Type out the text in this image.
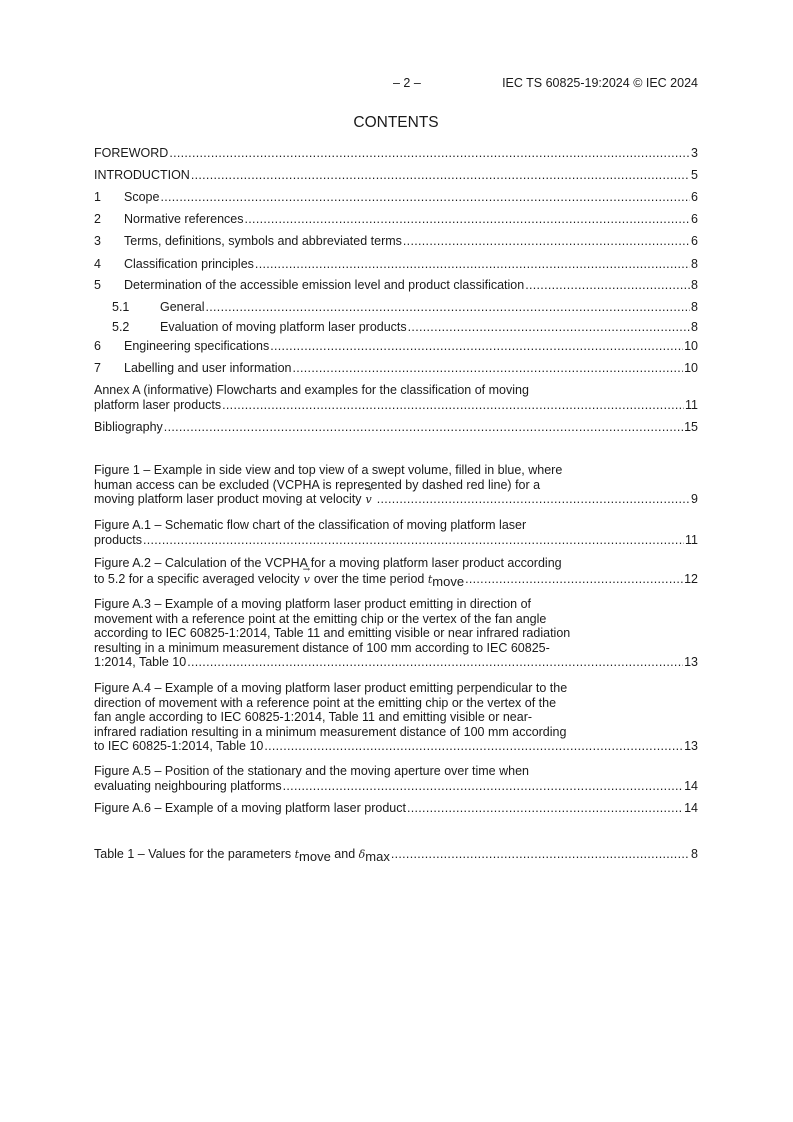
– 2 –	IEC TS 60825-19:2024 © IEC 2024
CONTENTS
FOREWORD .....	3
INTRODUCTION .....	5
1 Scope .....	6
2 Normative references .....	6
3 Terms, definitions, symbols and abbreviated terms .....	6
4 Classification principles .....	8
5 Determination of the accessible emission level and product classification .....	8
5.1 General .....	8
5.2 Evaluation of moving platform laser products .....	8
6 Engineering specifications .....	10
7 Labelling and user information .....	10
Annex A (informative) Flowcharts and examples for the classification of moving
platform laser products .....	11
Bibliography .....	15
Figure 1 – Example in side view and top view of a swept volume, filled in blue, where
human access can be excluded (VCPHA is represented by dashed red line) for a
moving platform laser product moving at velocity → v .....	9
Figure A.1 – Schematic flow chart of the classification of moving platform laser
products .....	11
Figure A.2 – Calculation of the VCPHA for a moving platform laser product according
to 5.2 for a specific averaged velocity → v over the time period tmove .....	12
Figure A.3 – Example of a moving platform laser product emitting in direction of
movement with a reference point at the emitting chip or the vertex of the fan angle
according to IEC 60825-1:2014, Table 11 and emitting visible or near infrared radiation
resulting in a minimum measurement distance of 100 mm according to IEC 60825-
1:2014, Table 10 .....	13
Figure A.4 – Example of a moving platform laser product emitting perpendicular to the
direction of movement with a reference point at the emitting chip or the vertex of the
fan angle according to IEC 60825-1:2014, Table 11 and emitting visible or near-
infrared radiation resulting in a minimum measurement distance of 100 mm according
to IEC 60825-1:2014, Table 10 .....	13
Figure A.5 – Position of the stationary and the moving aperture over time when
evaluating neighbouring platforms .....	14
Figure A.6 – Example of a moving platform laser product .....	14
Table 1 – Values for the parameters tmove and δmax .....	8
